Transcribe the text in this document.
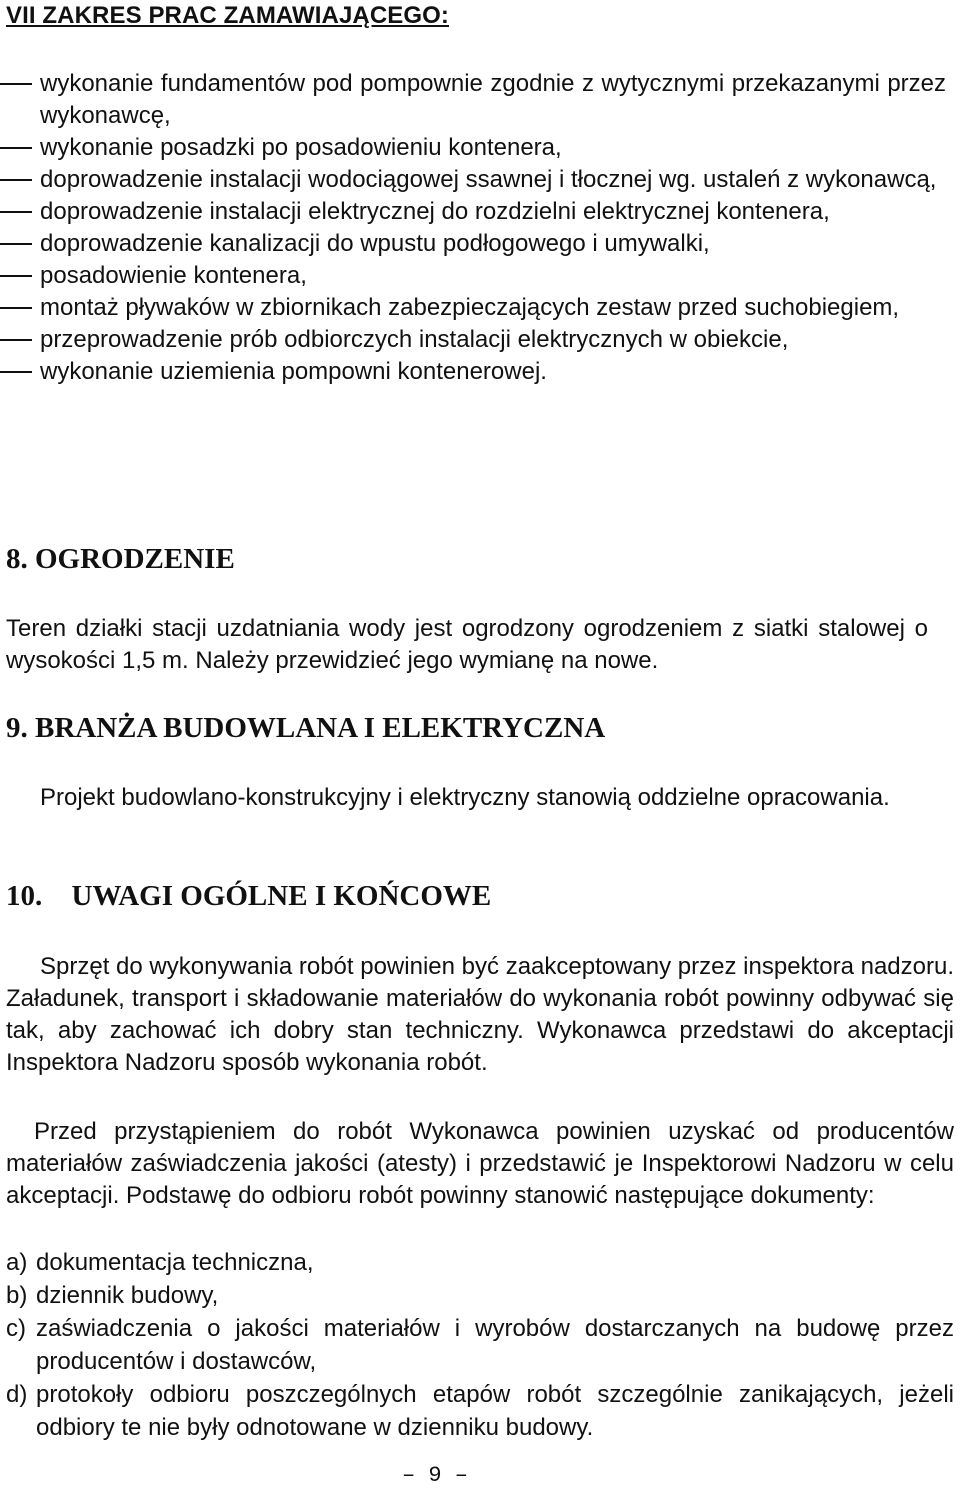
VII ZAKRES PRAC ZAMAWIAJĄCEGO:
wykonanie fundamentów pod pompownie zgodnie z wytycznymi przekazanymi przez wykonawcę,
wykonanie posadzki po posadowieniu kontenera,
doprowadzenie instalacji wodociągowej ssawnej i tłocznej wg. ustaleń z wykonawcą,
doprowadzenie instalacji elektrycznej do rozdzielni elektrycznej kontenera,
doprowadzenie kanalizacji do wpustu podłogowego i umywalki,
posadowienie kontenera,
montaż pływaków w zbiornikach zabezpieczających zestaw przed suchobiegiem,
przeprowadzenie prób odbiorczych instalacji elektrycznych w obiekcie,
wykonanie uziemienia pompowni kontenerowej.
8. OGRODZENIE
Teren działki stacji uzdatniania wody jest ogrodzony ogrodzeniem z siatki stalowej o wysokości 1,5 m. Należy przewidzieć jego wymianę na nowe.
9. BRANŻA BUDOWLANA I ELEKTRYCZNA
Projekt budowlano-konstrukcyjny i elektryczny stanowią oddzielne opracowania.
10. UWAGI OGÓLNE I KOŃCOWE
Sprzęt do wykonywania robót powinien być zaakceptowany przez inspektora nadzoru. Załadunek, transport i składowanie materiałów do wykonania robót powinny odbywać się tak, aby zachować ich dobry stan techniczny. Wykonawca przedstawi do akceptacji Inspektora Nadzoru sposób wykonania robót.
Przed przystąpieniem do robót Wykonawca powinien uzyskać od producentów materiałów zaświadczenia jakości (atesty) i przedstawić je Inspektorowi Nadzoru w celu akceptacji. Podstawę do odbioru robót powinny stanowić następujące dokumenty:
a) dokumentacja techniczna,
b) dziennik budowy,
c) zaświadczenia o jakości materiałów i wyrobów dostarczanych na budowę przez producentów i dostawców,
d) protokoły odbioru poszczególnych etapów robót szczególnie zanikających, jeżeli odbiory te nie były odnotowane w dzienniku budowy.
– 9 –
